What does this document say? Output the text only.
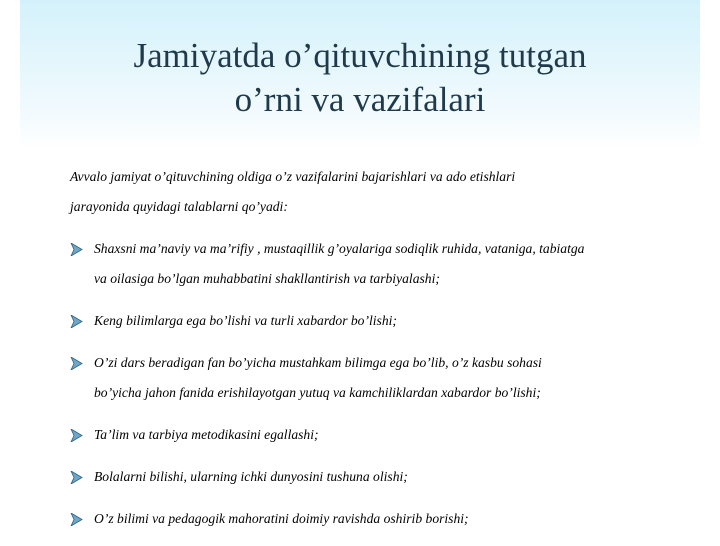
Jamiyatda o’qituvchining tutgan
o’rni va vazifalari

Avvalo jamiyat o’qituvchining oldiga o’z vazifalarini bajarishlari va ado etishlari
jarayonida quyidagi talablarni qo’yadi:

Shaxsni ma’naviy va ma’rifiy , mustaqillik g’oyalariga sodiqlik ruhida, vataniga, tabiatga
va oilasiga bo’lgan muhabbatini shakllantirish va tarbiyalashi;
Keng bilimlarga ega bo’lishi va turli xabardor bo’lishi;
O’zi dars beradigan fan bo’yicha mustahkam bilimga ega bo’lib, o’z kasbu sohasi
bo’yicha jahon fanida erishilayotgan yutuq va kamchiliklardan xabardor bo’lishi;
Ta’lim va tarbiya metodikasini egallashi;
Bolalarni bilishi, ularning ichki dunyosini tushuna olishi;
O’z bilimi va pedagogik mahoratini doimiy ravishda oshirib borishi;
